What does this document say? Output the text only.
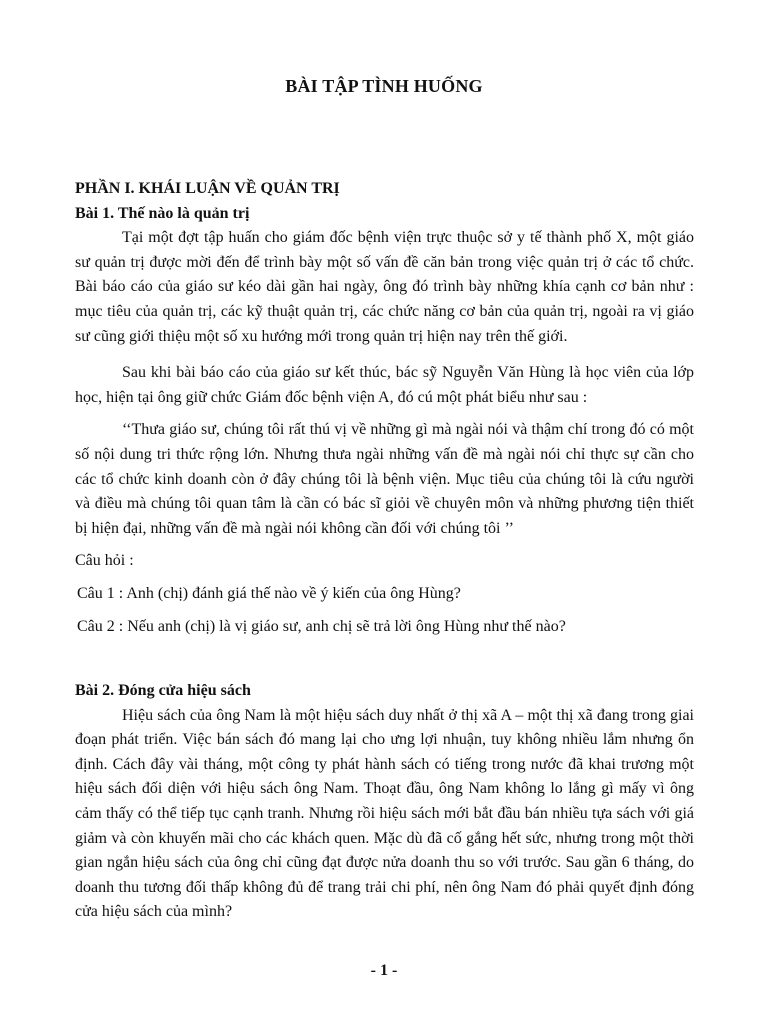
BÀI TẬP TÌNH HUỐNG

PHẦN I. KHÁI LUẬN VỀ QUẢN TRỊ

Bài 1. Thế nào là quản trị

Tại một đợt tập huấn cho giám đốc bệnh viện trực thuộc sở y tế thành phố X, một giáo sư quản trị được mời đến để trình bày một số vấn đề căn bản trong việc quản trị ở các tổ chức. Bài báo cáo của giáo sư kéo dài gần hai ngày, ông đó trình bày những khía cạnh cơ bản như : mục tiêu của quản trị, các kỹ thuật quản trị, các chức năng cơ bản của quản trị, ngoài ra vị giáo sư cũng giới thiệu một số xu hướng mới trong quản trị hiện nay trên thế giới.

Sau khi bài báo cáo của giáo sư kết thúc, bác sỹ Nguyễn Văn Hùng là học viên của lớp học, hiện tại ông giữ chức Giám đốc bệnh viện A, đó cú một phát biểu như sau :

‘‘Thưa giáo sư, chúng tôi rất thú vị về những gì mà ngài nói và thậm chí trong đó có một số nội dung tri thức rộng lớn. Nhưng thưa ngài những vấn đề mà ngài nói chỉ thực sự cần cho các tổ chức kinh doanh còn ở đây chúng tôi là bệnh viện. Mục tiêu của chúng tôi là cứu người và điều mà chúng tôi quan tâm là cần có bác sĩ giỏi về chuyên môn và những phương tiện thiết bị hiện đại, những vấn đề mà ngài nói không cần đối với chúng tôi ’’

Câu hỏi :

Câu 1 : Anh (chị) đánh giá thế nào về ý kiến của ông Hùng?

Câu 2 : Nếu anh (chị) là vị giáo sư, anh chị sẽ trả lời ông Hùng như thế nào?

Bài 2. Đóng cửa hiệu sách

Hiệu sách của ông Nam là một hiệu sách duy nhất ở thị xã A – một thị xã đang trong giai đoạn phát triển. Việc bán sách đó mang lại cho ưng lợi nhuận, tuy không nhiều lắm nhưng ổn định. Cách đây vài tháng, một công ty phát hành sách có tiếng trong nước đã khai trương một hiệu sách đối diện với hiệu sách ông Nam. Thoạt đầu, ông Nam không lo lắng gì mấy vì ông cảm thấy có thể tiếp tục cạnh tranh. Nhưng rồi hiệu sách mới bắt đầu bán nhiều tựa sách với giá giảm và còn khuyến mãi cho các khách quen. Mặc dù đã cố gắng hết sức, nhưng trong một thời gian ngắn hiệu sách của ông chỉ cũng đạt được nửa doanh thu so với trước. Sau gần 6 tháng, do doanh thu tương đối thấp không đủ để trang trải chi phí, nên ông Nam đó phải quyết định đóng cửa hiệu sách của mình?

- 1 -
